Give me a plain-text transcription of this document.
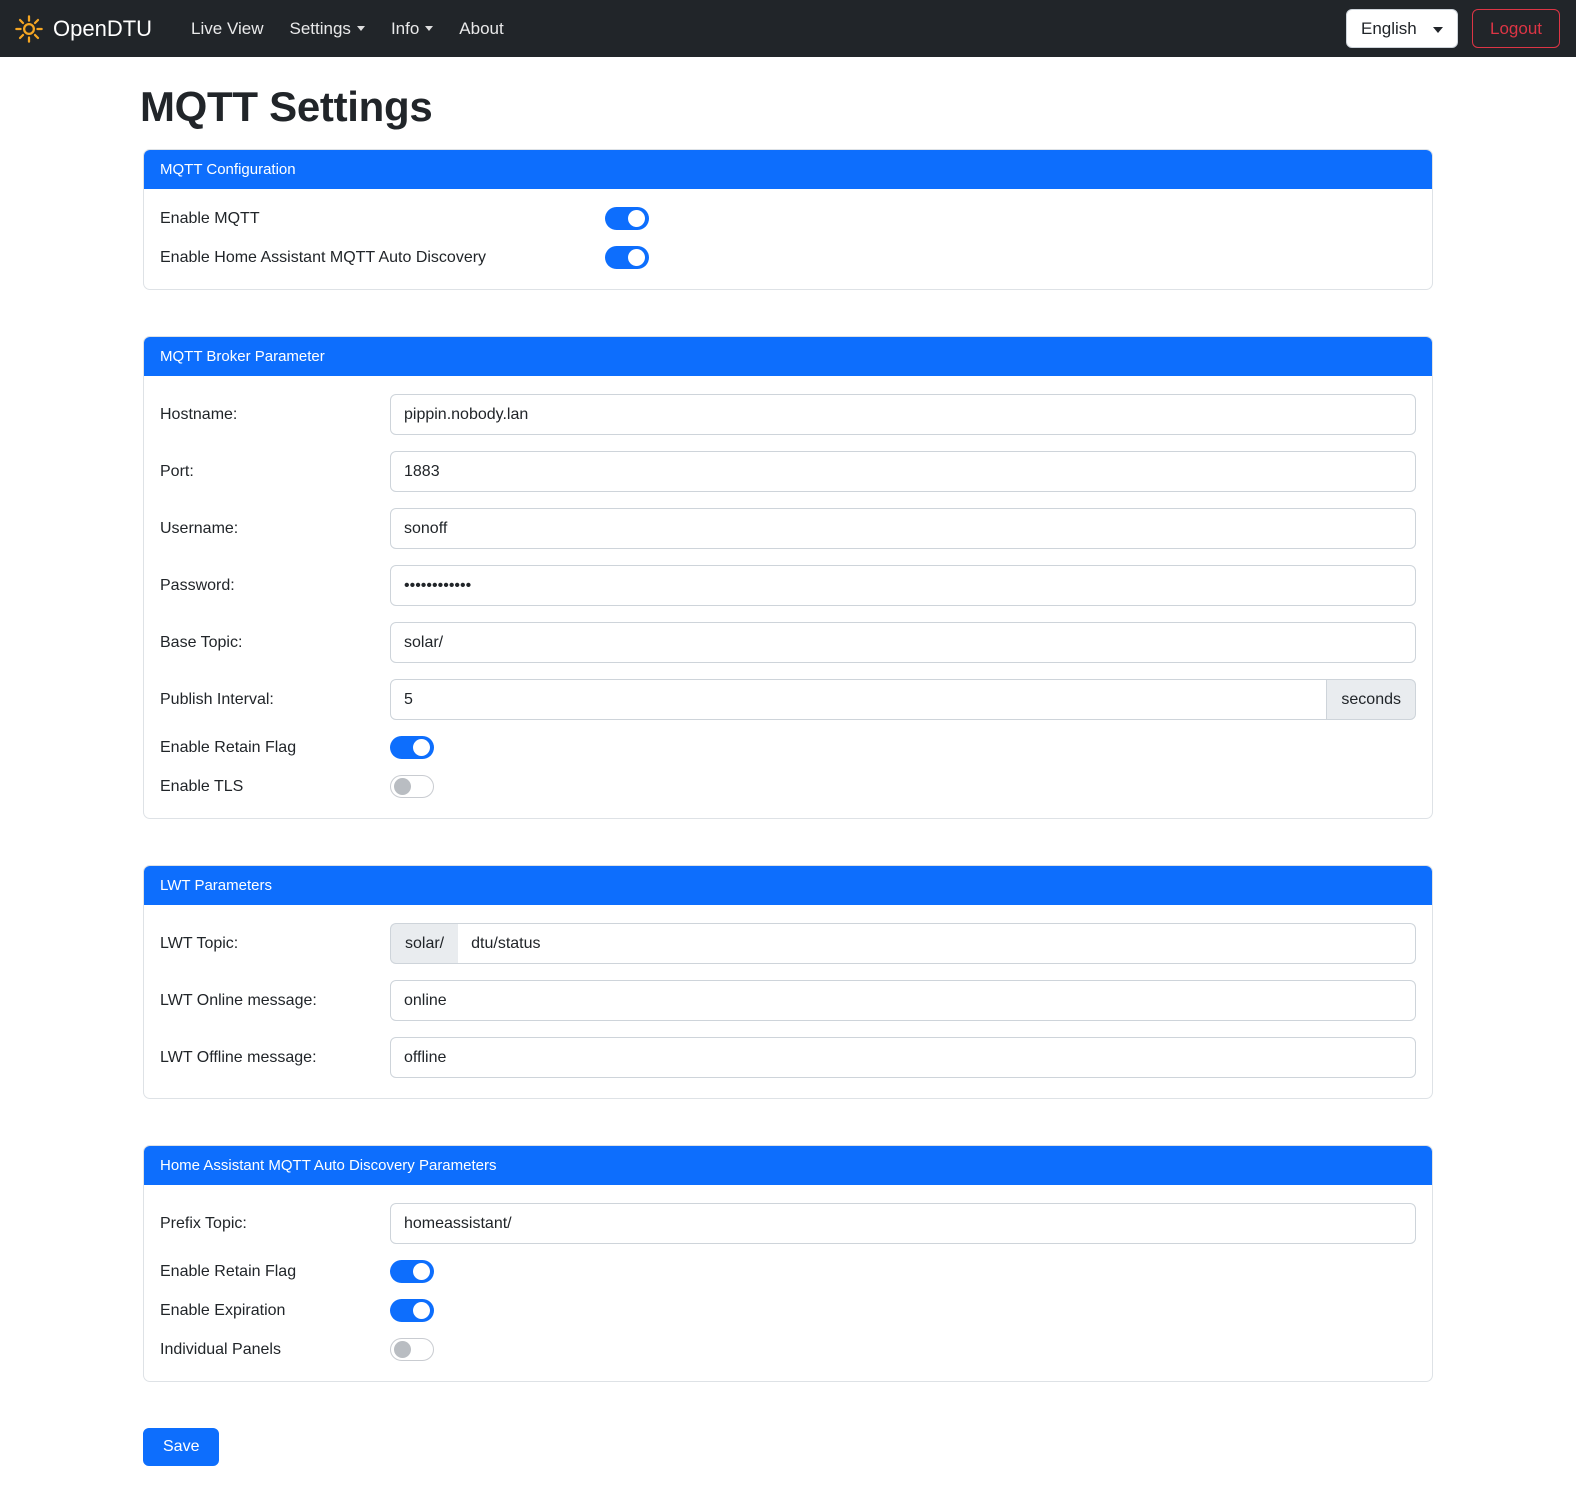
OpenDTU Live View Settings Info About
English	Logout
MQTT Settings
MQTT Configuration
Enable MQTT
Enable Home Assistant MQTT Auto Discovery
MQTT Broker Parameter
Hostname:
pippin.nobody.lan
Port:
1883
Username:
sonoff
Password:
••••••••••••
Base Topic:
solar/
Publish Interval:
5	seconds
Enable Retain Flag
Enable TLS
LWT Parameters
LWT Topic:	solar/
dtu/status
LWT Online message:
online
LWT Offline message:
offline
Home Assistant MQTT Auto Discovery Parameters
Prefix Topic:
homeassistant/
Enable Retain Flag
Enable Expiration
Individual Panels
Save
